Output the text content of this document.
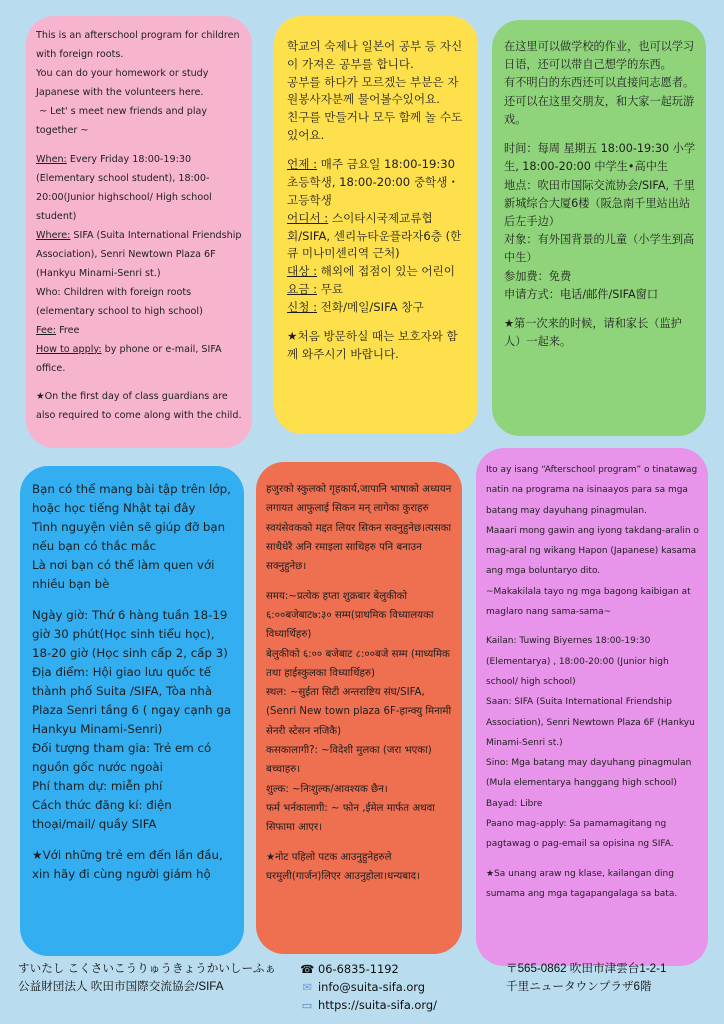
This is an afterschool program for children with foreign roots.
You can do your homework or study Japanese with the volunteers here.
~ Let' s meet new friends and play together ~

When: Every Friday 18:00-19:30 (Elementary school student), 18:00-20:00(Junior highschool/ High school student)

Where: SIFA (Suita International Friendship Association), Senri Newtown Plaza 6F (Hankyu Minami-Senri st.)

Who: Children with foreign roots (elementary school to high school)

Fee: Free

How to apply: by phone or e-mail, SIFA office.

★On the first day of class guardians are also required to come along with the child.

학교의 숙제나 일본어 공부 등 자신이 가져온 공부를 합니다.
공부를 하다가 모르겠는 부분은 자원봉사자분께 물어볼수있어요.
친구를 만들거나 모두 함께 놀 수도 있어요.

언제 : 매주 금요일 18:00-19:30 초등학생, 18:00-20:00 중학생・고등학생

어디서 : 스이타시국제교류협회/SIFA, 센리뉴타운플라자6층 (한큐 미나미센리역 근처)

대상 : 해외에 접점이 있는 어린이

요금 : 무료

신청 : 전화/메일/SIFA 창구

★처음 방문하실 때는 보호자와 함께 와주시기 바랍니다.

在这里可以做学校的作业，也可以学习日语，还可以带自己想学的东西。
有不明白的东西还可以直接问志愿者。
还可以在这里交朋友，和大家一起玩游戏。

时间：每周 星期五 18:00-19:30 小学生, 18:00-20:00 中学生•高中生
地点：吹田市国际交流协会/SIFA, 千里新城综合大厦6楼（阪急南千里站出站后左手边）
对象：有外国背景的儿童（小学生到高中生）
参加费：免费
申请方式：电话/邮件/SIFA窗口

★第一次来的时候，请和家长（监护人）一起来。

Bạn có thể mang bài tập trên lớp, hoặc học tiếng Nhật tại đây
Tình nguyện viên sẽ giúp đỡ bạn nếu bạn có thắc mắc
Là nơi bạn có thể làm quen với nhiều bạn bè

Ngày giờ: Thứ 6 hàng tuần 18-19 giờ 30 phút(Học sinh tiểu học), 18-20 giờ (Học sinh cấp 2, cấp 3)
Địa điểm: Hội giao lưu quốc tế thành phố Suita /SIFA, Tòa nhà Plaza Senri tầng 6 ( ngay cạnh ga Hankyu Minami-Senri)
Đối tượng tham gia: Trẻ em có nguồn gốc nước ngoài
Phí tham dự: miễn phí
Cách thức đăng kí: điện thoại/mail/ quầy SIFA

★Với những trẻ em đến lần đầu, xin hãy đi cùng người giám hộ

हजुरको स्कुलको गृहकार्य,जापानि भाषाको अध्ययन लगायत आफुलाई सिकन मन् लागेका कुराहरु स्वयंसेवकको मद्दत लियर सिकन सक्नुहुनेछ।त्यसका साथैधेरै अनि रमाइला साथिहरु पनि बनाउन सक्नुहुनेछ।

समय:~प्रत्येक हप्ता शुक्रबार बेलुकीको ६:००बजेबाट७:३० सम्म(प्राथमिक विध्यालयका विध्यार्थिहरु)
बेलुकीको ६:०० बजेबाट ८:००बजे सम्म (माध्यमिक तथा हाईस्कुलका विध्यार्थिहरु)
स्थल: ~सुईता सिटी अन्तराष्टिय संघ/SIFA, (Senri New town plaza 6F-हान्क्यु मिनामी सेनरी स्टेसन नजिकै)
कसकालागी?: ~विदेशी मुलका (जरा भएका) बच्चाहरु।
शुल्क: ~निःशुल्क/आवश्यक छैन।
फर्म भर्नकालागी: ~ फोन ,ईमेल मार्फत अथवा सिफामा आएर।

★नोट पहिलो पटक आउनुहुनेहरुले घरमुली(गार्जन)लिएर आउनुहोला।धन्यबाद।

Ito ay isang “Afterschool program” o tinatawag natin na programa na isinaayos para sa mga batang may dayuhang pinagmulan.
Maaari mong gawin ang iyong takdang-aralin o mag-aral ng wikang Hapon (Japanese) kasama ang mga boluntaryo dito.
~Makakilala tayo ng mga bagong kaibigan at maglaro nang sama-sama~

Kailan: Tuwing Biyernes 18:00-19:30 (Elementarya) , 18:00-20:00 (Junior high school/ high school)
Saan: SIFA (Suita International Friendship Association), Senri Newtown Plaza 6F (Hankyu Minami-Senri st.)
Sino: Mga batang may dayuhang pinagmulan (Mula elementarya hanggang high school)
Bayad: Libre
Paano mag-apply: Sa pamamagitang ng pagtawag o pag-email sa opisina ng SIFA.

★Sa unang araw ng klase, kailangan ding sumama ang mga tagapangalaga sa bata.

すいたし こくさいこうりゅうきょうかいしーふぁ
公益財団法人 吹田市国際交流協会/SIFA
☎ 06-6835-1192
✉ info@suita-sifa.org
▭ https://suita-sifa.org/
〒565-0862 吹田市津雲台1-2-1
千里ニュータウンプラザ6階
